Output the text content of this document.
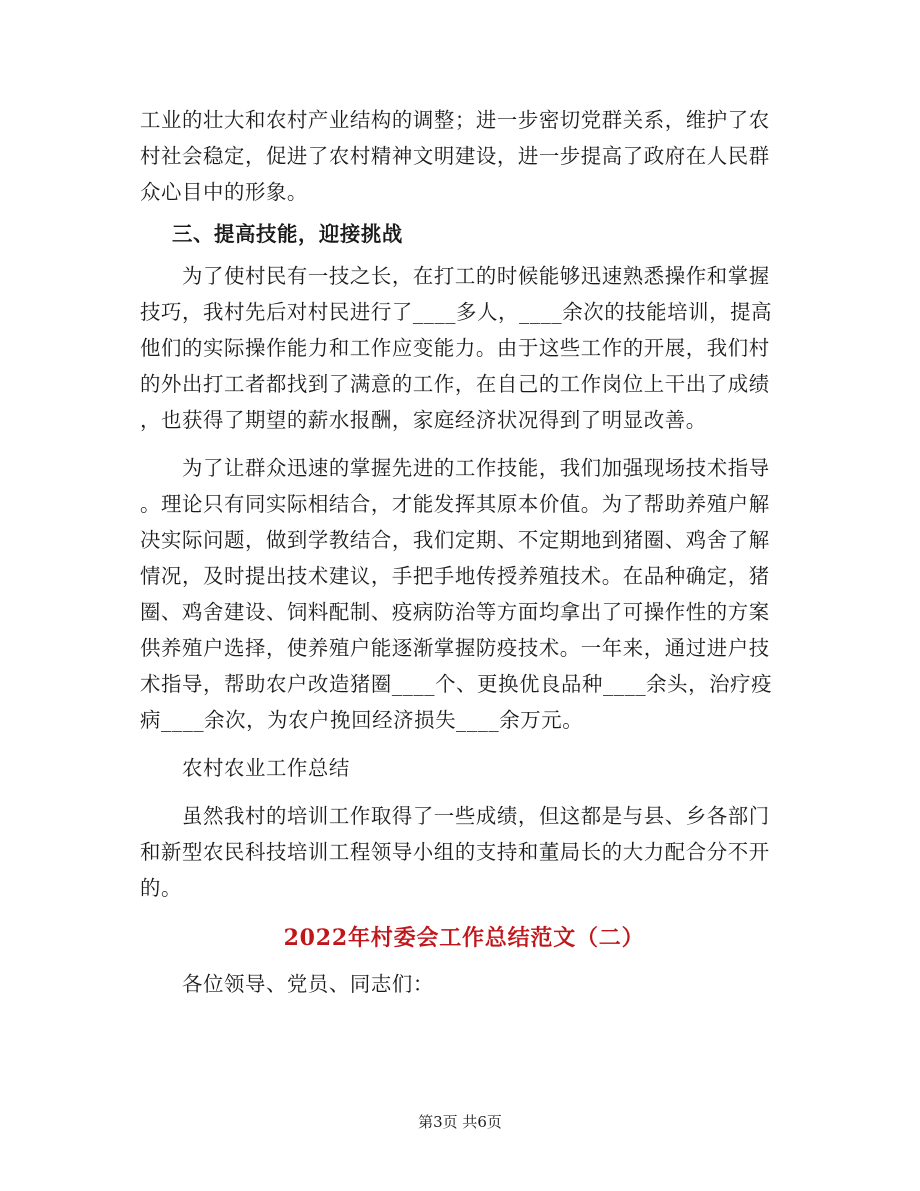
工业的壮大和农村产业结构的调整；进一步密切党群关系，维护了农
村社会稳定，促进了农村精神文明建设，进一步提高了政府在人民群
众心目中的形象。

三、提高技能，迎接挑战

　　为了使村民有一技之长，在打工的时候能够迅速熟悉操作和掌握
技巧，我村先后对村民进行了____多人，____余次的技能培训，提高
他们的实际操作能力和工作应变能力。由于这些工作的开展，我们村
的外出打工者都找到了满意的工作，在自己的工作岗位上干出了成绩
，也获得了期望的薪水报酬，家庭经济状况得到了明显改善。

　　为了让群众迅速的掌握先进的工作技能，我们加强现场技术指导
。理论只有同实际相结合，才能发挥其原本价值。为了帮助养殖户解
决实际问题，做到学教结合，我们定期、不定期地到猪圈、鸡舍了解
情况，及时提出技术建议，手把手地传授养殖技术。在品种确定，猪
圈、鸡舍建设、饲料配制、疫病防治等方面均拿出了可操作性的方案
供养殖户选择，使养殖户能逐渐掌握防疫技术。一年来，通过进户技
术指导，帮助农户改造猪圈____个、更换优良品种____余头，治疗疫
病____余次，为农户挽回经济损失____余万元。

　　农村农业工作总结

　　虽然我村的培训工作取得了一些成绩，但这都是与县、乡各部门
和新型农民科技培训工程领导小组的支持和董局长的大力配合分不开
的。

2022年村委会工作总结范文（二）

　　各位领导、党员、同志们：

第3页 共6页
